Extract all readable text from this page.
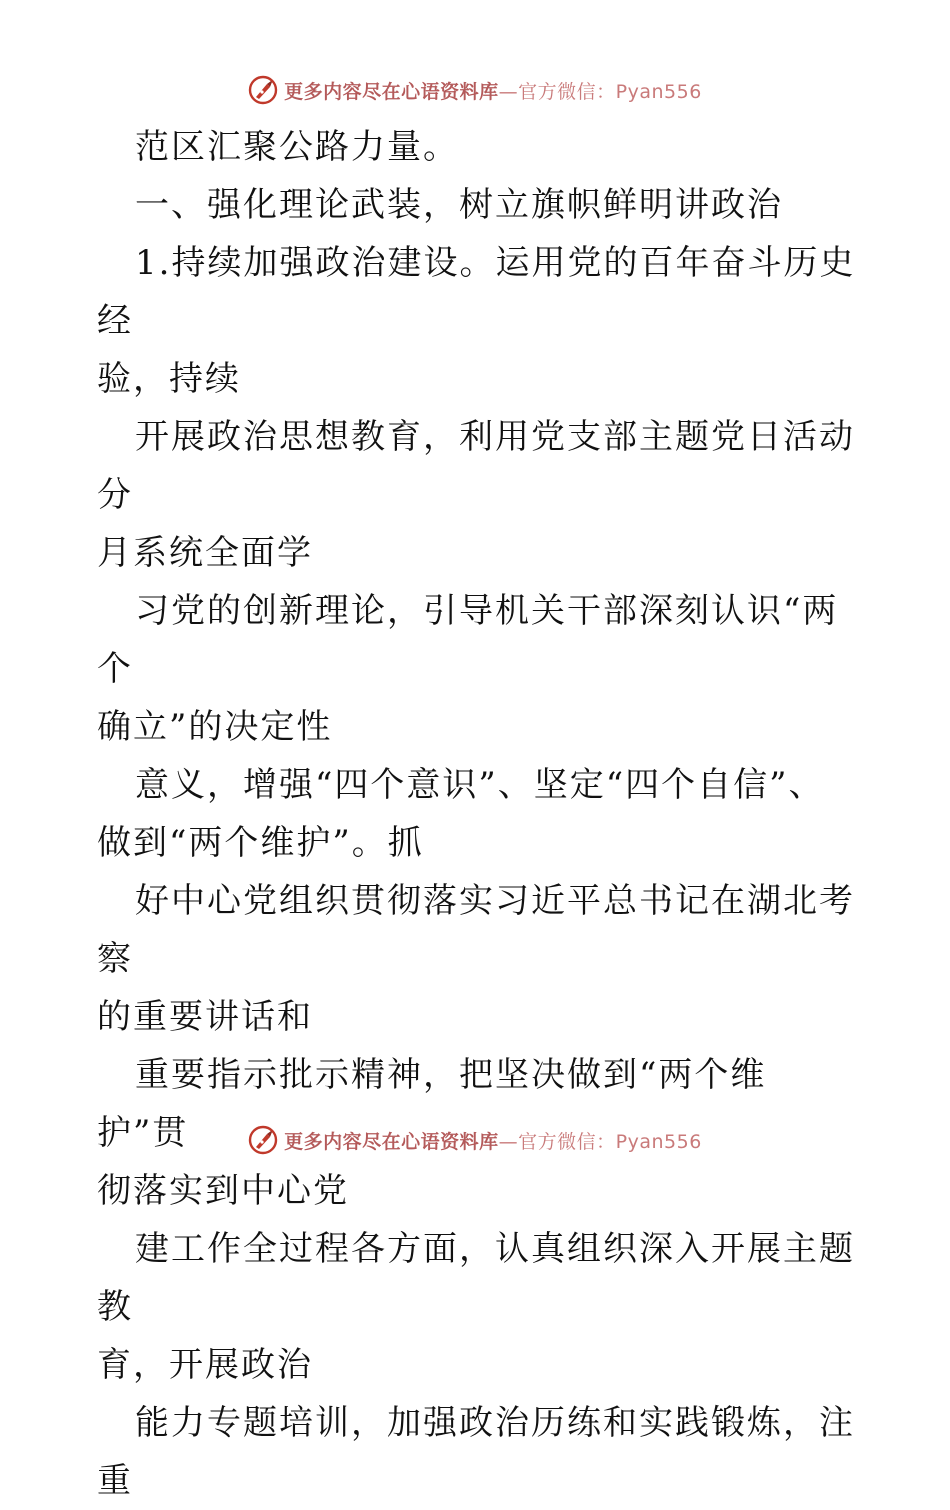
更多内容尽在心语资料库—官方微信：Pyan556

范区汇聚公路力量。

一、强化理论武装，树立旗帜鲜明讲政治

1.持续加强政治建设。运用党的百年奋斗历史经

验，持续

开展政治思想教育，利用党支部主题党日活动分

月系统全面学

习党的创新理论，引导机关干部深刻认识“两个

确立”的决定性

意义，增强“四个意识”、坚定“四个自信”、

做到“两个维护”。抓

好中心党组织贯彻落实习近平总书记在湖北考察

的重要讲话和

重要指示批示精神，把坚决做到“两个维护”贯

彻落实到中心党

建工作全过程各方面，认真组织深入开展主题教

育，开展政治

能力专题培训，加强政治历练和实践锻炼，注重

更多内容尽在心语资料库—官方微信：Pyan556
